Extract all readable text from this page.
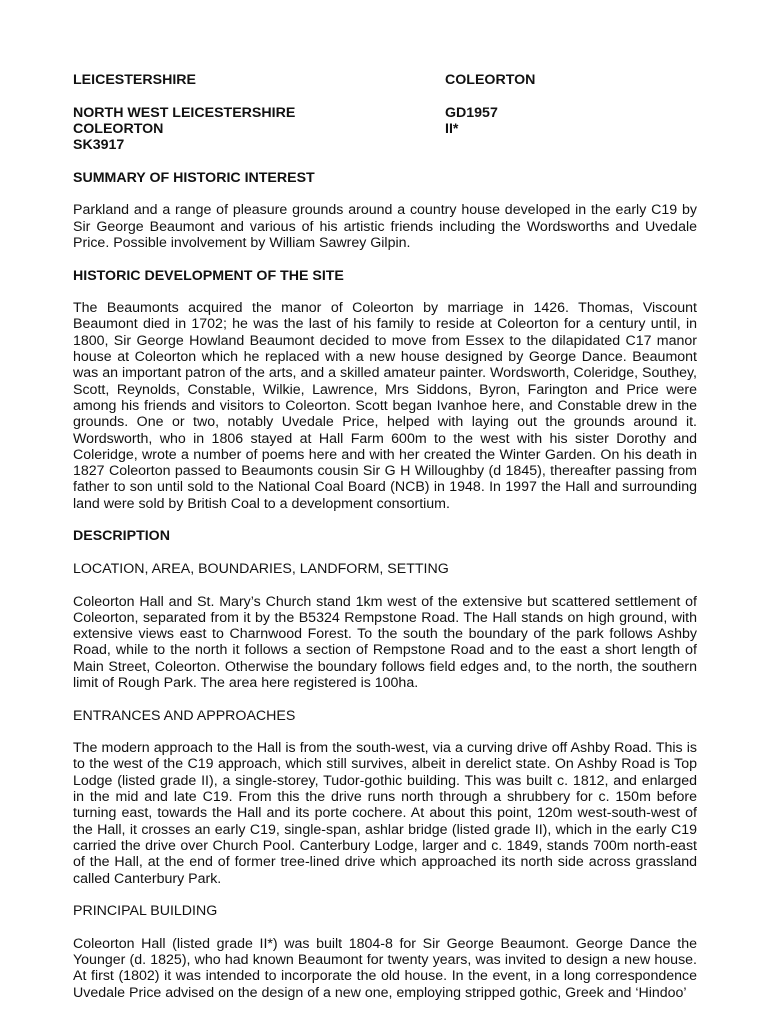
LEICESTERSHIRE	COLEORTON
NORTH WEST LEICESTERSHIRE	GD1957
COLEORTON	II*
SK3917
SUMMARY OF HISTORIC INTEREST

Parkland and a range of pleasure grounds around a country house developed in the early C19 by Sir George Beaumont and various of his artistic friends including the Wordsworths and Uvedale Price. Possible involvement by William Sawrey Gilpin.

HISTORIC DEVELOPMENT OF THE SITE

The Beaumonts acquired the manor of Coleorton by marriage in 1426. Thomas, Viscount Beaumont died in 1702; he was the last of his family to reside at Coleorton for a century until, in 1800, Sir George Howland Beaumont decided to move from Essex to the dilapidated C17 manor house at Coleorton which he replaced with a new house designed by George Dance. Beaumont was an important patron of the arts, and a skilled amateur painter. Wordsworth, Coleridge, Southey, Scott, Reynolds, Constable, Wilkie, Lawrence, Mrs Siddons, Byron, Farington and Price were among his friends and visitors to Coleorton. Scott began Ivanhoe here, and Constable drew in the grounds. One or two, notably Uvedale Price, helped with laying out the grounds around it. Wordsworth, who in 1806 stayed at Hall Farm 600m to the west with his sister Dorothy and Coleridge, wrote a number of poems here and with her created the Winter Garden. On his death in 1827 Coleorton passed to Beaumonts cousin Sir G H Willoughby (d 1845), thereafter passing from father to son until sold to the National Coal Board (NCB) in 1948. In 1997 the Hall and surrounding land were sold by British Coal to a development consortium.

DESCRIPTION
LOCATION, AREA, BOUNDARIES, LANDFORM, SETTING

Coleorton Hall and St. Mary’s Church stand 1km west of the extensive but scattered settlement of Coleorton, separated from it by the B5324 Rempstone Road. The Hall stands on high ground, with extensive views east to Charnwood Forest. To the south the boundary of the park follows Ashby Road, while to the north it follows a section of Rempstone Road and to the east a short length of Main Street, Coleorton. Otherwise the boundary follows field edges and, to the north, the southern limit of Rough Park. The area here registered is 100ha.

ENTRANCES AND APPROACHES

The modern approach to the Hall is from the south-west, via a curving drive off Ashby Road. This is to the west of the C19 approach, which still survives, albeit in derelict state. On Ashby Road is Top Lodge (listed grade II), a single-storey, Tudor-gothic building. This was built c. 1812, and enlarged in the mid and late C19. From this the drive runs north through a shrubbery for c. 150m before turning east, towards the Hall and its porte cochere. At about this point, 120m west-south-west of the Hall, it crosses an early C19, single-span, ashlar bridge (listed grade II), which in the early C19 carried the drive over Church Pool. Canterbury Lodge, larger and c. 1849, stands 700m north-east of the Hall, at the end of former tree-lined drive which approached its north side across grassland called Canterbury Park.

PRINCIPAL BUILDING

Coleorton Hall (listed grade II*) was built 1804-8 for Sir George Beaumont. George Dance the Younger (d. 1825), who had known Beaumont for twenty years, was invited to design a new house. At first (1802) it was intended to incorporate the old house. In the event, in a long correspondence Uvedale Price advised on the design of a new one, employing stripped gothic, Greek and ‘Hindoo’
